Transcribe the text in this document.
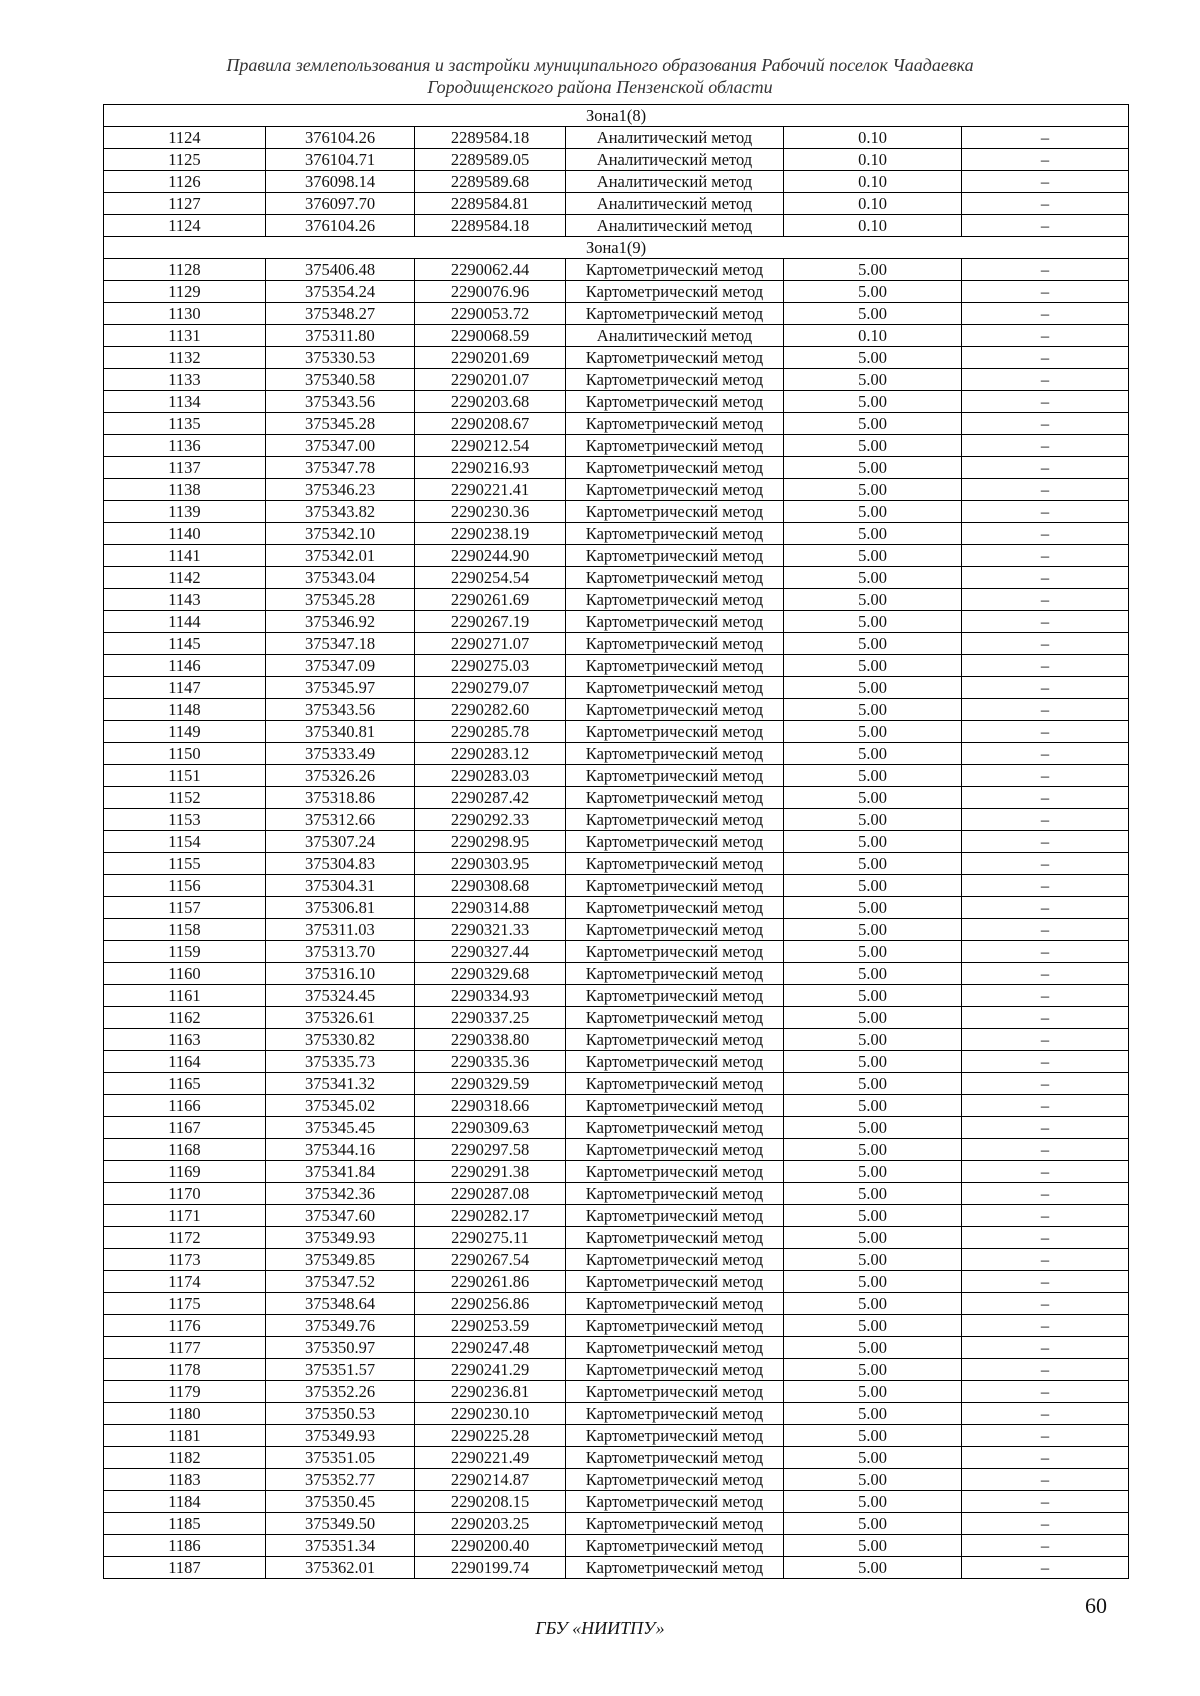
Правила землепользования и застройки муниципального образования Рабочий поселок Чаадаевка
Городищенского района Пензенской области
Зона1(8)					
1124	376104.26	2289584.18	Аналитический метод	0.10	–
1125	376104.71	2289589.05	Аналитический метод	0.10	–
1126	376098.14	2289589.68	Аналитический метод	0.10	–
1127	376097.70	2289584.81	Аналитический метод	0.10	–
1124	376104.26	2289584.18	Аналитический метод	0.10	–
Зона1(9)					
1128	375406.48	2290062.44	Картометрический метод	5.00	–
1129	375354.24	2290076.96	Картометрический метод	5.00	–
1130	375348.27	2290053.72	Картометрический метод	5.00	–
1131	375311.80	2290068.59	Аналитический метод	0.10	–
1132	375330.53	2290201.69	Картометрический метод	5.00	–
1133	375340.58	2290201.07	Картометрический метод	5.00	–
1134	375343.56	2290203.68	Картометрический метод	5.00	–
1135	375345.28	2290208.67	Картометрический метод	5.00	–
1136	375347.00	2290212.54	Картометрический метод	5.00	–
1137	375347.78	2290216.93	Картометрический метод	5.00	–
1138	375346.23	2290221.41	Картометрический метод	5.00	–
1139	375343.82	2290230.36	Картометрический метод	5.00	–
1140	375342.10	2290238.19	Картометрический метод	5.00	–
1141	375342.01	2290244.90	Картометрический метод	5.00	–
1142	375343.04	2290254.54	Картометрический метод	5.00	–
1143	375345.28	2290261.69	Картометрический метод	5.00	–
1144	375346.92	2290267.19	Картометрический метод	5.00	–
1145	375347.18	2290271.07	Картометрический метод	5.00	–
1146	375347.09	2290275.03	Картометрический метод	5.00	–
1147	375345.97	2290279.07	Картометрический метод	5.00	–
1148	375343.56	2290282.60	Картометрический метод	5.00	–
1149	375340.81	2290285.78	Картометрический метод	5.00	–
1150	375333.49	2290283.12	Картометрический метод	5.00	–
1151	375326.26	2290283.03	Картометрический метод	5.00	–
1152	375318.86	2290287.42	Картометрический метод	5.00	–
1153	375312.66	2290292.33	Картометрический метод	5.00	–
1154	375307.24	2290298.95	Картометрический метод	5.00	–
1155	375304.83	2290303.95	Картометрический метод	5.00	–
1156	375304.31	2290308.68	Картометрический метод	5.00	–
1157	375306.81	2290314.88	Картометрический метод	5.00	–
1158	375311.03	2290321.33	Картометрический метод	5.00	–
1159	375313.70	2290327.44	Картометрический метод	5.00	–
1160	375316.10	2290329.68	Картометрический метод	5.00	–
1161	375324.45	2290334.93	Картометрический метод	5.00	–
1162	375326.61	2290337.25	Картометрический метод	5.00	–
1163	375330.82	2290338.80	Картометрический метод	5.00	–
1164	375335.73	2290335.36	Картометрический метод	5.00	–
1165	375341.32	2290329.59	Картометрический метод	5.00	–
1166	375345.02	2290318.66	Картометрический метод	5.00	–
1167	375345.45	2290309.63	Картометрический метод	5.00	–
1168	375344.16	2290297.58	Картометрический метод	5.00	–
1169	375341.84	2290291.38	Картометрический метод	5.00	–
1170	375342.36	2290287.08	Картометрический метод	5.00	–
1171	375347.60	2290282.17	Картометрический метод	5.00	–
1172	375349.93	2290275.11	Картометрический метод	5.00	–
1173	375349.85	2290267.54	Картометрический метод	5.00	–
1174	375347.52	2290261.86	Картометрический метод	5.00	–
1175	375348.64	2290256.86	Картометрический метод	5.00	–
1176	375349.76	2290253.59	Картометрический метод	5.00	–
1177	375350.97	2290247.48	Картометрический метод	5.00	–
1178	375351.57	2290241.29	Картометрический метод	5.00	–
1179	375352.26	2290236.81	Картометрический метод	5.00	–
1180	375350.53	2290230.10	Картометрический метод	5.00	–
1181	375349.93	2290225.28	Картометрический метод	5.00	–
1182	375351.05	2290221.49	Картометрический метод	5.00	–
1183	375352.77	2290214.87	Картометрический метод	5.00	–
1184	375350.45	2290208.15	Картометрический метод	5.00	–
1185	375349.50	2290203.25	Картометрический метод	5.00	–
1186	375351.34	2290200.40	Картометрический метод	5.00	–
1187	375362.01	2290199.74	Картометрический метод	5.00	–
60
ГБУ «НИИТПУ»
